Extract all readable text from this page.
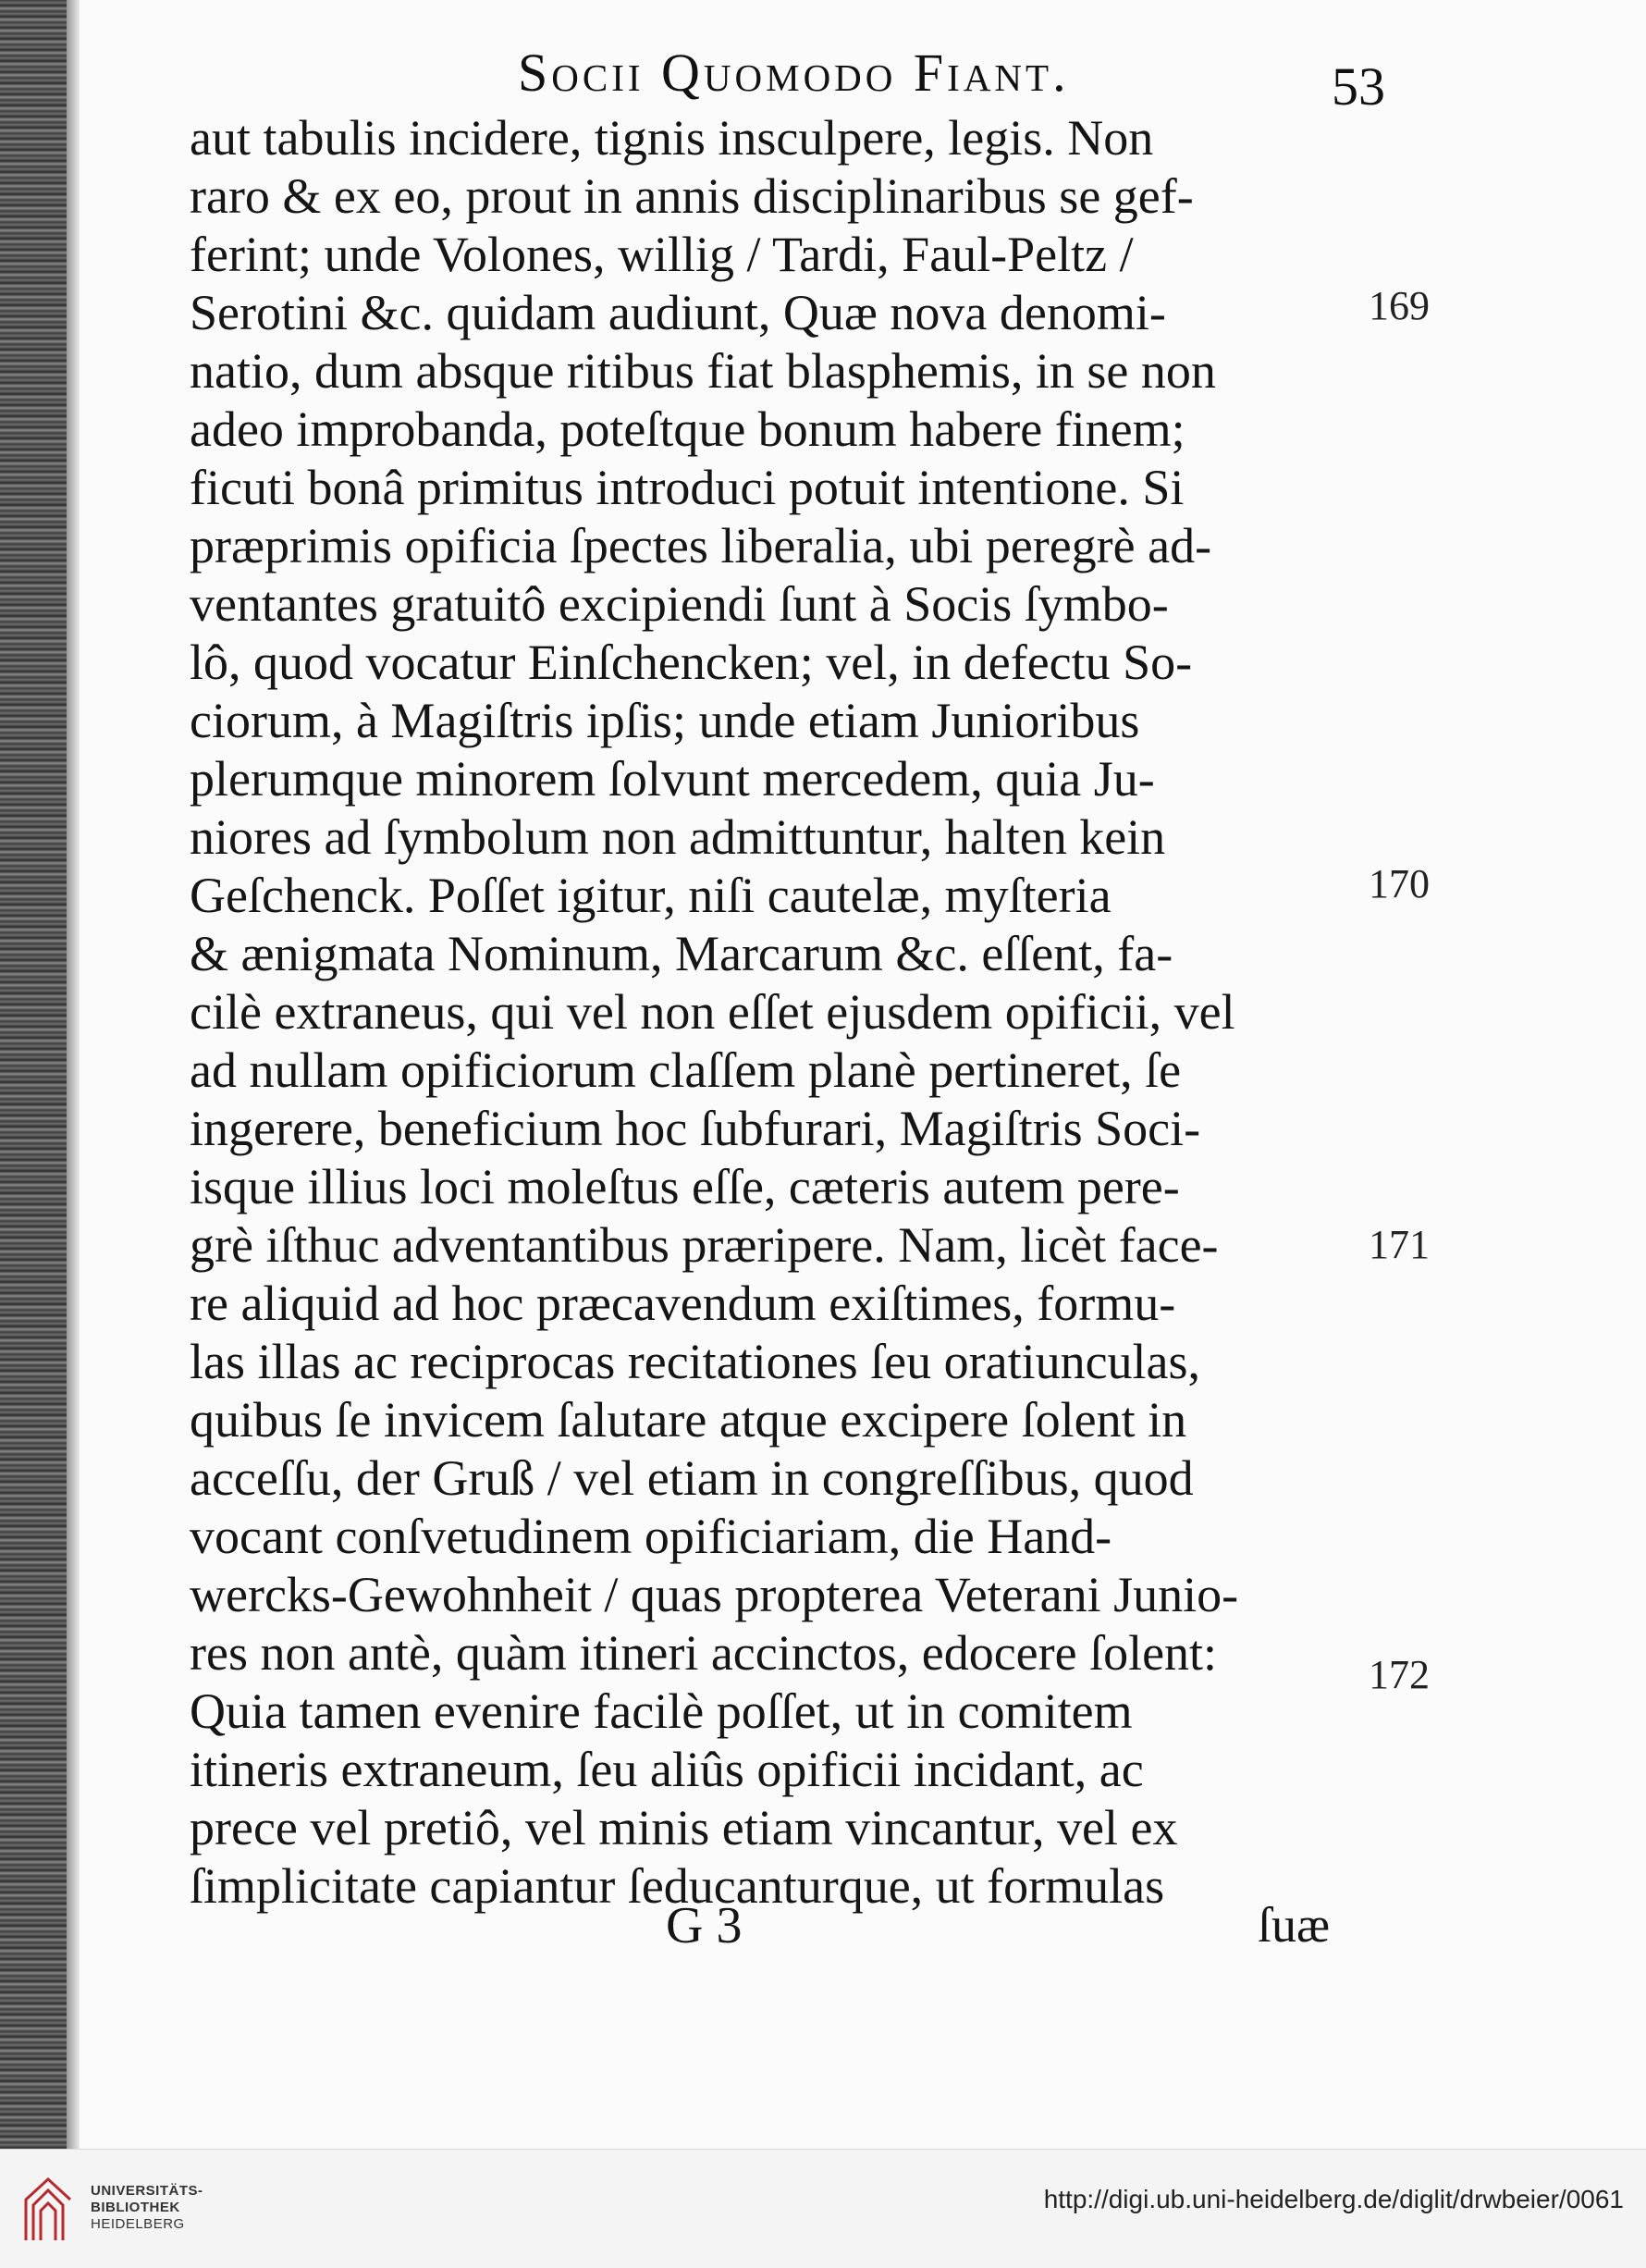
Socii Quomodo Fiant.	53
aut tabulis incidere, tignis insculpere, legis. Non
raro & ex eo, prout in annis disciplinaribus se gef-
ferint; unde Volones, willig / Tardi, Faul-Peltz /
Serotini &c. quidam audiunt, Quæ nova denomi-
natio, dum absque ritibus fiat blasphemis, in se non
adeo improbanda, poteſtque bonum habere finem;
ficuti bonâ primitus introduci potuit intentione. Si
præprimis opificia ſpectes liberalia, ubi peregrè ad-
ventantes gratuitô excipiendi ſunt à Socis ſymbo-
lô, quod vocatur Einſchencken; vel, in defectu So-
ciorum, à Magiſtris ipſis; unde etiam Junioribus
plerumque minorem ſolvunt mercedem, quia Ju-
niores ad ſymbolum non admittuntur, halten kein
Geſchenck. Poſſet igitur, niſi cautelæ, myſteria
& ænigmata Nominum, Marcarum &c. eſſent, fa-
cilè extraneus, qui vel non eſſet ejusdem opificii, vel
ad nullam opificiorum claſſem planè pertineret, ſe
ingerere, beneficium hoc ſubfurari, Magiſtris Soci-
isque illius loci moleſtus eſſe, cæteris autem pere-
grè iſthuc adventantibus præripere. Nam, licèt face-
re aliquid ad hoc præcavendum exiſtimes, formu-
las illas ac reciprocas recitationes ſeu oratiunculas,
quibus ſe invicem ſalutare atque excipere ſolent in
acceſſu, der Gruß / vel etiam in congreſſibus, quod
vocant conſvetudinem opificiariam, die Hand-
wercks-Gewohnheit / quas propterea Veterani Junio-
res non antè, quàm itineri accinctos, edocere ſolent:
Quia tamen evenire facilè poſſet, ut in comitem
itineris extraneum, ſeu aliûs opificii incidant, ac
prece vel pretiô, vel minis etiam vincantur, vel ex
ſimplicitate capiantur ſeducanturque, ut formulas
169
170
171
172
G 3	ſuæ
UNIVERSITÄTS-
BIBLIOTHEK
HEIDELBERG
http://digi.ub.uni-heidelberg.de/diglit/drwbeier/0061
